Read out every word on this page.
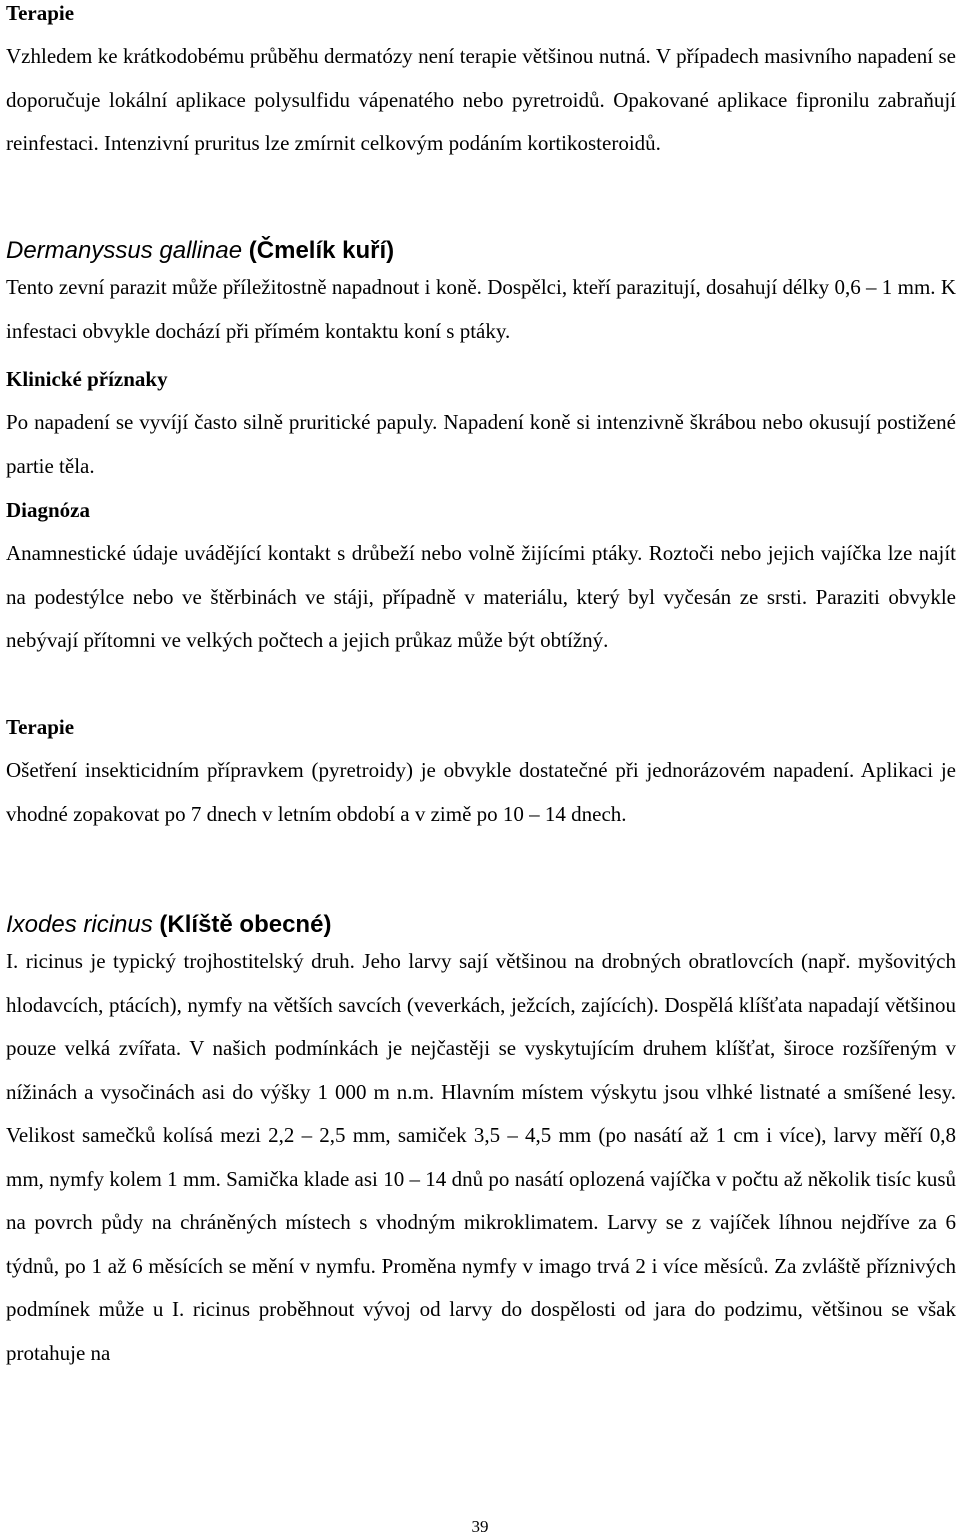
Terapie

Vzhledem ke krátkodobému průběhu dermatózy není terapie většinou nutná. V případech masivního napadení se doporučuje lokální aplikace polysulfidu vápenatého nebo pyretroidů. Opakované aplikace fipronilu zabraňují reinfestaci. Intenzivní pruritus lze zmírnit celkovým podáním kortikosteroidů.

Dermanyssus gallinae (Čmelík kuří)

Tento zevní parazit může příležitostně napadnout i koně. Dospělci, kteří parazitují, dosahují délky 0,6 – 1 mm. K infestaci obvykle dochází při přímém kontaktu koní s ptáky.

Klinické příznaky

Po napadení se vyvíjí často silně pruritické papuly. Napadení koně si intenzivně škrábou nebo okusují postižené partie těla.

Diagnóza

Anamnestické údaje uvádějící kontakt s drůbeží nebo volně žijícími ptáky. Roztoči nebo jejich vajíčka lze najít na podestýlce nebo ve štěrbinách ve stáji, případně v materiálu, který byl vyčesán ze srsti. Paraziti obvykle nebývají přítomni ve velkých počtech a jejich průkaz může být obtížný.

Terapie

Ošetření insekticidním přípravkem (pyretroidy) je obvykle dostatečné při jednorázovém napadení. Aplikaci je vhodné zopakovat po 7 dnech v letním období a v zimě po 10 – 14 dnech.

Ixodes ricinus (Klíště obecné)

I. ricinus je typický trojhostitelský druh. Jeho larvy sají většinou na drobných obratlovcích (např. myšovitých hlodavcích, ptácích), nymfy na větších savcích (veverkách, ježcích, zajících). Dospělá klíšťata napadají většinou pouze velká zvířata. V našich podmínkách je nejčastěji se vyskytujícím druhem klíšťat, široce rozšířeným v nížinách a vysočinách asi do výšky 1 000 m n.m. Hlavním místem výskytu jsou vlhké listnaté a smíšené lesy. Velikost samečků kolísá mezi 2,2 – 2,5 mm, samiček 3,5 – 4,5 mm (po nasátí až 1 cm i více), larvy měří 0,8 mm, nymfy kolem 1 mm. Samička klade asi 10 – 14 dnů po nasátí oplozená vajíčka v počtu až několik tisíc kusů na povrch půdy na chráněných místech s vhodným mikroklimatem. Larvy se z vajíček líhnou nejdříve za 6 týdnů, po 1 až 6 měsících se mění v nymfu. Proměna nymfy v imago trvá 2 i více měsíců. Za zvláště příznivých podmínek může u I. ricinus proběhnout vývoj od larvy do dospělosti od jara do podzimu, většinou se však protahuje na

39
